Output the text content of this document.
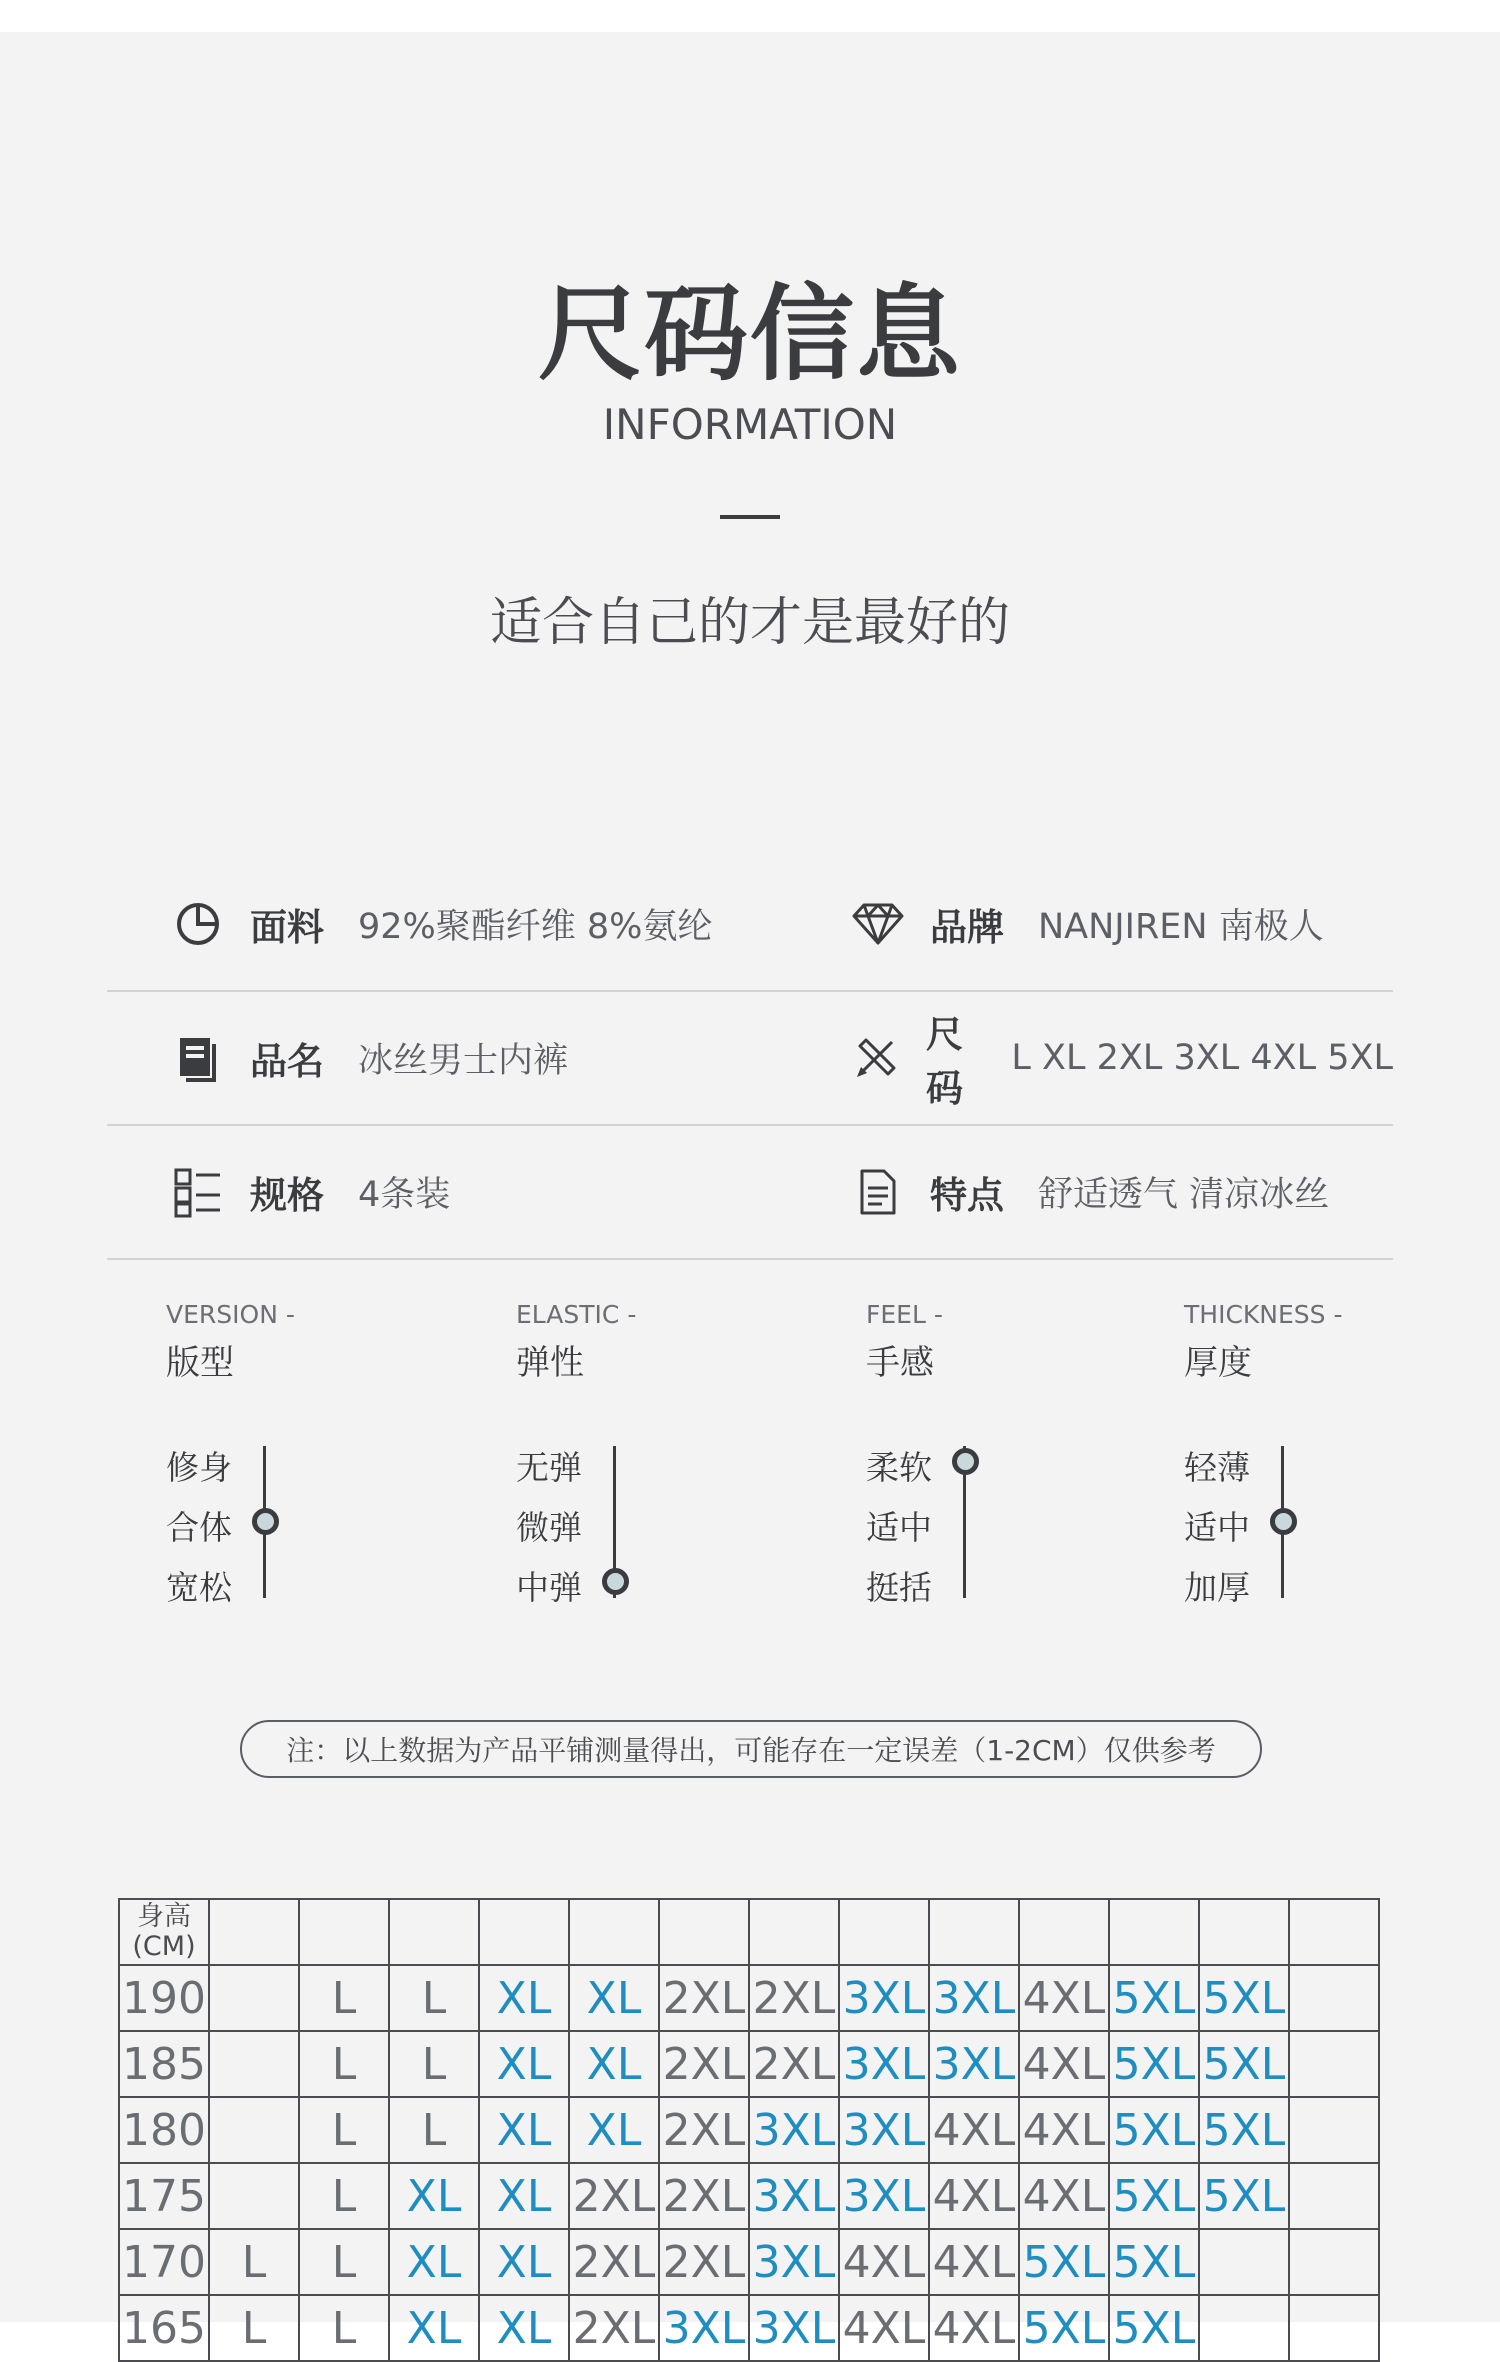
尺码信息
INFORMATION
适合自己的才是最好的
面料 92%聚酯纤维 8%氨纶	品牌 NANJIREN 南极人
品名 冰丝男士内裤
尺码
L XL 2XL 3XL 4XL 5XL
规格 4条装	特点 舒适透气 清凉冰丝
VERSION -
版型
修身
合体
宽松
ELASTIC -
弹性
无弹
微弹
中弹
FEEL -
手感
柔软
适中
挺括
THICKNESS -
厚度
轻薄
适中
加厚
注：以上数据为产品平铺测量得出，可能存在一定误差（1-2CM）仅供参考
身高
(CM)													

190		L	L	XL	XL	2XL	2XL	3XL	3XL	4XL	5XL	5XL	
185		L	L	XL	XL	2XL	2XL	3XL	3XL	4XL	5XL	5XL	
180		L	L	XL	XL	2XL	3XL	3XL	4XL	4XL	5XL	5XL	
175		L	XL	XL	2XL	2XL	3XL	3XL	4XL	4XL	5XL	5XL	
170	L	L	XL	XL	2XL	2XL	3XL	4XL	4XL	5XL	5XL		
165	L	L	XL	XL	2XL	3XL	3XL	4XL	4XL	5XL	5XL		
